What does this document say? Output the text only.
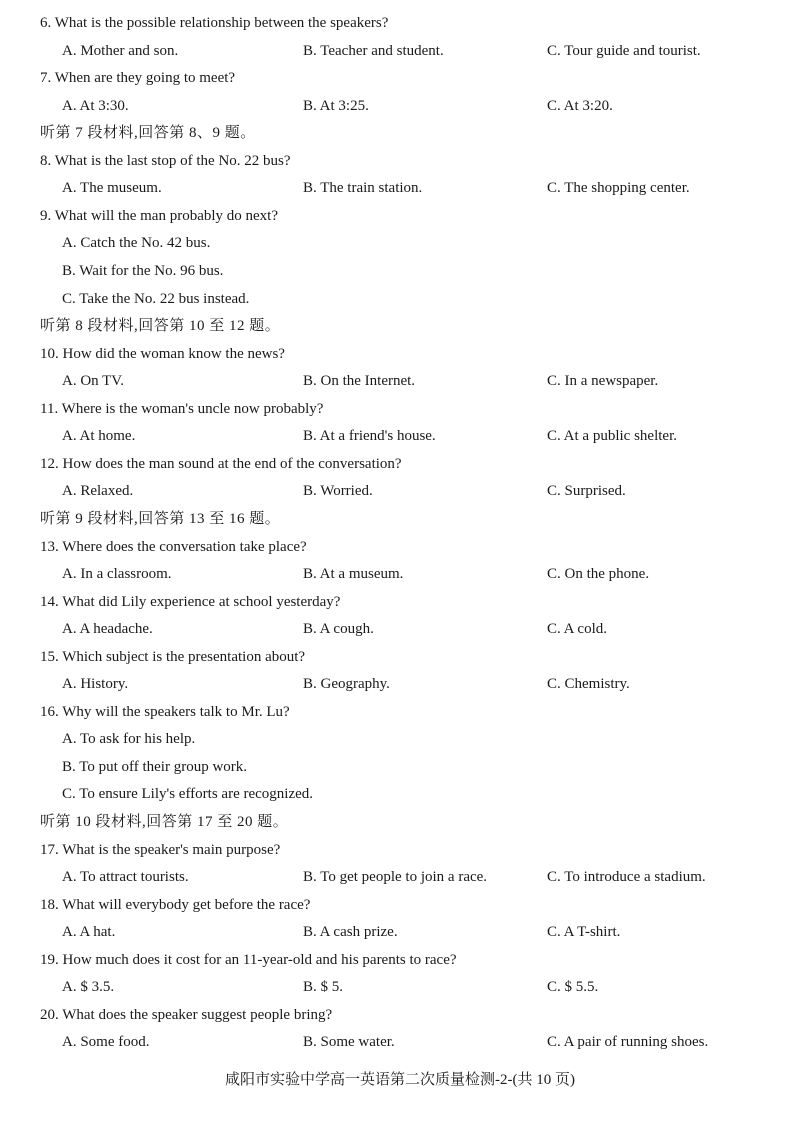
6. What is the possible relationship between the speakers?
A. Mother and son.	B. Teacher and student.	C. Tour guide and tourist.
7. When are they going to meet?
A. At 3:30.	B. At 3:25.	C. At 3:20.
听第 7 段材料,回答第 8、9 题。
8. What is the last stop of the No. 22 bus?
A. The museum.	B. The train station.	C. The shopping center.
9. What will the man probably do next?
A. Catch the No. 42 bus.
B. Wait for the No. 96 bus.
C. Take the No. 22 bus instead.
听第 8 段材料,回答第 10 至 12 题。
10. How did the woman know the news?
A. On TV.	B. On the Internet.	C. In a newspaper.
11. Where is the woman's uncle now probably?
A. At home.	B. At a friend's house.	C. At a public shelter.
12. How does the man sound at the end of the conversation?
A. Relaxed.	B. Worried.	C. Surprised.
听第 9 段材料,回答第 13 至 16 题。
13. Where does the conversation take place?
A. In a classroom.	B. At a museum.	C. On the phone.
14. What did Lily experience at school yesterday?
A. A headache.	B. A cough.	C. A cold.
15. Which subject is the presentation about?
A. History.	B. Geography.	C. Chemistry.
16. Why will the speakers talk to Mr. Lu?
A. To ask for his help.
B. To put off their group work.
C. To ensure Lily's efforts are recognized.
听第 10 段材料,回答第 17 至 20 题。
17. What is the speaker's main purpose?
A. To attract tourists.	B. To get people to join a race.	C. To introduce a stadium.
18. What will everybody get before the race?
A. A hat.	B. A cash prize.	C. A T-shirt.
19. How much does it cost for an 11-year-old and his parents to race?
A. $ 3.5.	B. $ 5.	C. $ 5.5.
20. What does the speaker suggest people bring?
A. Some food.	B. Some water.	C. A pair of running shoes.
咸阳市实验中学高一英语第二次质量检测-2-(共 10 页)
